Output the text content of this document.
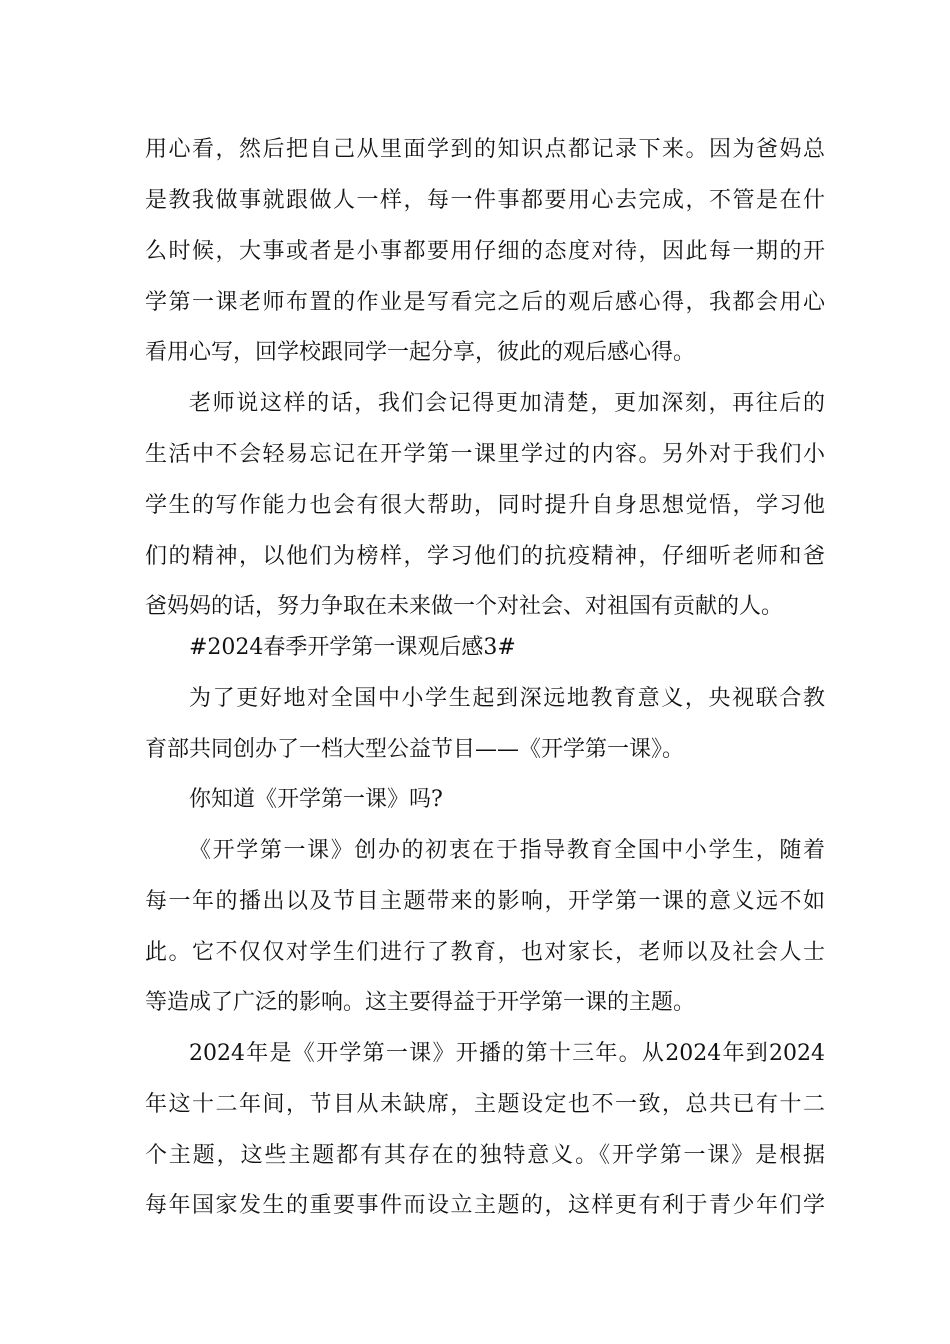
用心看，然后把自己从里面学到的知识点都记录下来。因为爸妈总
是教我做事就跟做人一样，每一件事都要用心去完成，不管是在什
么时候，大事或者是小事都要用仔细的态度对待，因此每一期的开
学第一课老师布置的作业是写看完之后的观后感心得，我都会用心
看用心写，回学校跟同学一起分享，彼此的观后感心得。
老师说这样的话，我们会记得更加清楚，更加深刻，再往后的
生活中不会轻易忘记在开学第一课里学过的内容。另外对于我们小
学生的写作能力也会有很大帮助，同时提升自身思想觉悟，学习他
们的精神，以他们为榜样，学习他们的抗疫精神，仔细听老师和爸
爸妈妈的话，努力争取在未来做一个对社会、对祖国有贡献的人。
#2024春季开学第一课观后感3#
为了更好地对全国中小学生起到深远地教育意义，央视联合教
育部共同创办了一档大型公益节目——《开学第一课》。
你知道《开学第一课》吗?
《开学第一课》创办的初衷在于指导教育全国中小学生，随着
每一年的播出以及节目主题带来的影响，开学第一课的意义远不如
此。它不仅仅对学生们进行了教育，也对家长，老师以及社会人士
等造成了广泛的影响。这主要得益于开学第一课的主题。
2024年是《开学第一课》开播的第十三年。从2024年到2024
年这十二年间，节目从未缺席，主题设定也不一致，总共已有十二
个主题，这些主题都有其存在的独特意义。《开学第一课》是根据
每年国家发生的重要事件而设立主题的，这样更有利于青少年们学
